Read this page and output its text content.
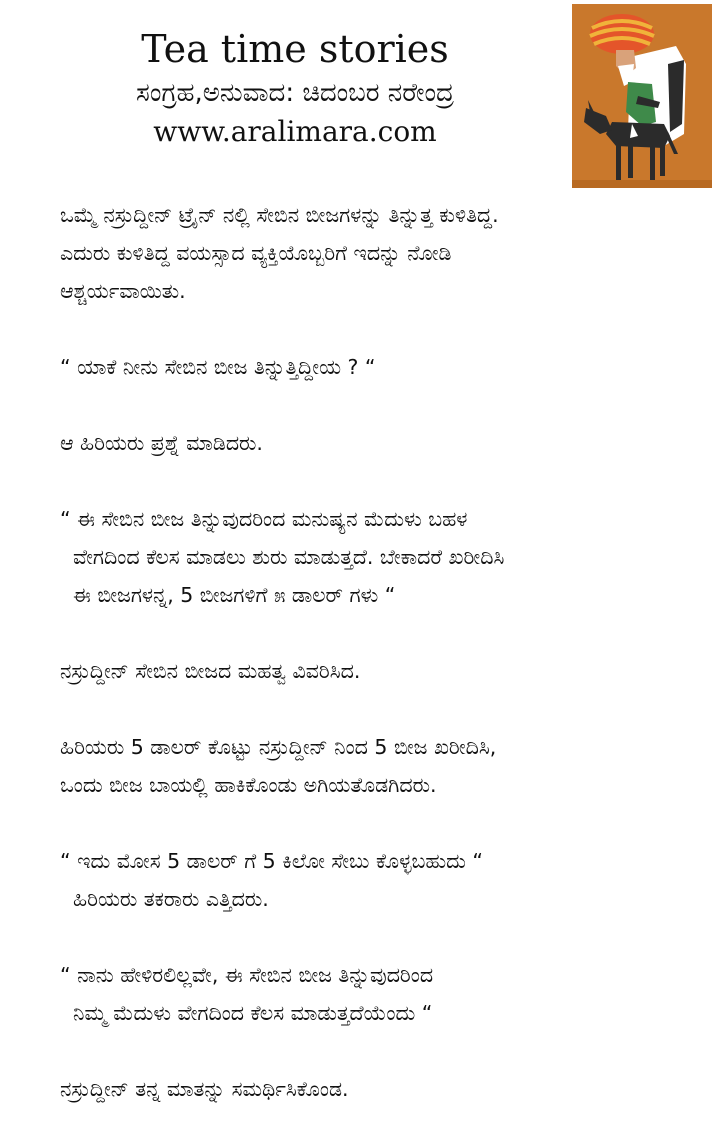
Tea time stories
ಸಂಗ್ರಹ,ಅನುವಾದ: ಚಿದಂಬರ ನರೇಂದ್ರ
www.aralimara.com

ಒಮ್ಮೆ ನಸ್ರುದ್ದೀನ್ ಟ್ರೈನ್ ನಲ್ಲಿ ಸೇಬಿನ ಬೀಜಗಳನ್ನು ತಿನ್ನುತ್ತ ಕುಳಿತಿದ್ದ.
ಎದುರು ಕುಳಿತಿದ್ದ ವಯಸ್ಸಾದ ವ್ಯಕ್ತಿಯೊಬ್ಬರಿಗೆ ಇದನ್ನು ನೋಡಿ
ಆಶ್ಚರ್ಯವಾಯಿತು.

“ ಯಾಕೆ ನೀನು ಸೇಬಿನ ಬೀಜ ತಿನ್ನುತ್ತಿದ್ದೀಯ ? “

ಆ ಹಿರಿಯರು ಪ್ರಶ್ನೆ ಮಾಡಿದರು.

“ ಈ ಸೇಬಿನ ಬೀಜ ತಿನ್ನುವುದರಿಂದ ಮನುಷ್ಯನ ಮೆದುಳು ಬಹಳ
ವೇಗದಿಂದ ಕೆಲಸ ಮಾಡಲು ಶುರು ಮಾಡುತ್ತದೆ. ಬೇಕಾದರೆ ಖರೀದಿಸಿ
ಈ ಬೀಜಗಳನ್ನ, 5 ಬೀಜಗಳಿಗೆ ೫ ಡಾಲರ್ ಗಳು “

ನಸ್ರುದ್ದೀನ್ ಸೇಬಿನ ಬೀಜದ ಮಹತ್ವ ವಿವರಿಸಿದ.

ಹಿರಿಯರು 5 ಡಾಲರ್ ಕೊಟ್ಟು ನಸ್ರುದ್ದೀನ್ ನಿಂದ 5 ಬೀಜ ಖರೀದಿಸಿ,
ಒಂದು ಬೀಜ ಬಾಯಲ್ಲಿ ಹಾಕಿಕೊಂಡು ಅಗಿಯತೊಡಗಿದರು.

“ ಇದು ಮೋಸ 5 ಡಾಲರ್ ಗೆ 5 ಕಿಲೋ ಸೇಬು ಕೊಳ್ಳಬಹುದು “
ಹಿರಿಯರು ತಕರಾರು ಎತ್ತಿದರು.

“ ನಾನು ಹೇಳಿರಲಿಲ್ಲವೇ, ಈ ಸೇಬಿನ ಬೀಜ ತಿನ್ನುವುದರಿಂದ
ನಿಮ್ಮ ಮೆದುಳು ವೇಗದಿಂದ ಕೆಲಸ ಮಾಡುತ್ತದೆಯೆಂದು “

ನಸ್ರುದ್ದೀನ್ ತನ್ನ ಮಾತನ್ನು ಸಮರ್ಥಿಸಿಕೊಂಡ.
